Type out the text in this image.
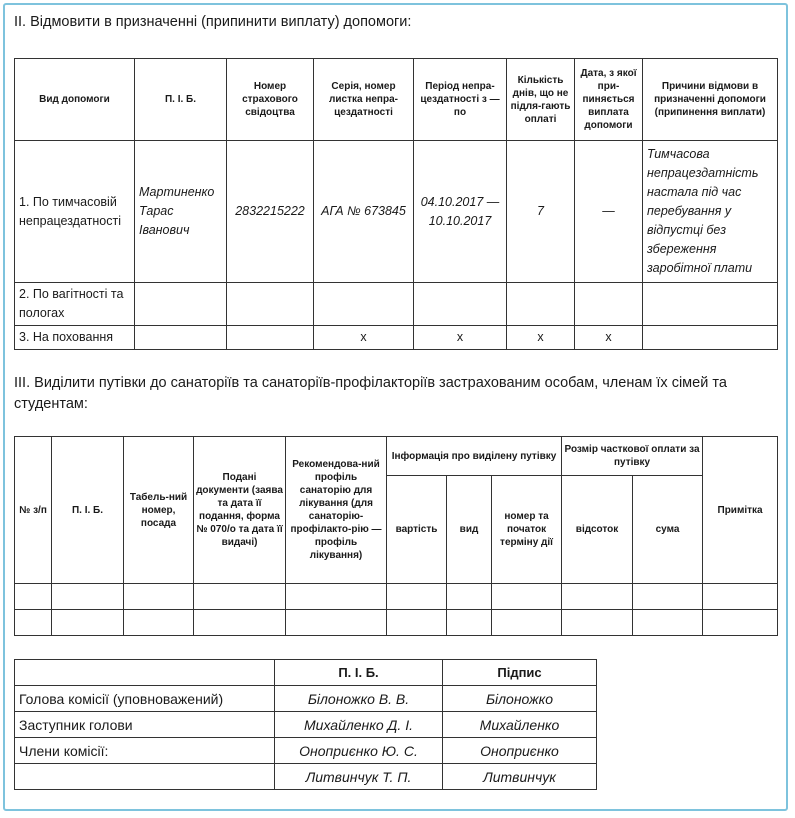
II. Відмовити в призначенні (припинити виплату) допомоги:
Вид допомоги	П. І. Б.	Номер страхового свідоцтва	Серія, номер листка непра-цездатності	Період непра-цездатності з — по	Кількість днів, що не підля-гають оплаті	Дата, з якої при-пиняється виплата допомоги	Причини відмови в призначенні допомоги (припинення виплати)
1. По тимчасовій непрацездатності	Мартиненко Тарас Іванович	2832215222	АГА № 673845	04.10.2017 — 10.10.2017	7	—	Тимчасова непрацездатність настала під час перебування у відпустці без збереження заробітної плати
2. По вагітності та пологах							
3. На поховання			х	х	х	х	
III. Виділити путівки до санаторіїв та санаторіїв-профілакторіїв застрахованим особам, членам їх сімей та студентам:
№ з/п	П. І. Б.	Табель-ний номер, посада	Подані документи (заява та дата її подання, форма № 070/о та дата її видачі)	Рекомендова-ний профіль санаторію для лікування (для санаторію-профілакто-рію — профіль лікування)	Інформація про виділену путівку			Розмір часткової оплати за путівку		Примітка
					вартість	вид	номер та початок терміну дії	відсоток	сума	

	П. І. Б.	Підпис
Голова комісії (уповноважений)	Білоножко В. В.	Білоножко
Заступник голови	Михайленко Д. І.	Михайленко
Члени комісії:	Оноприєнко Ю. С.	Оноприєнко
	Литвинчук Т. П.	Литвинчук
